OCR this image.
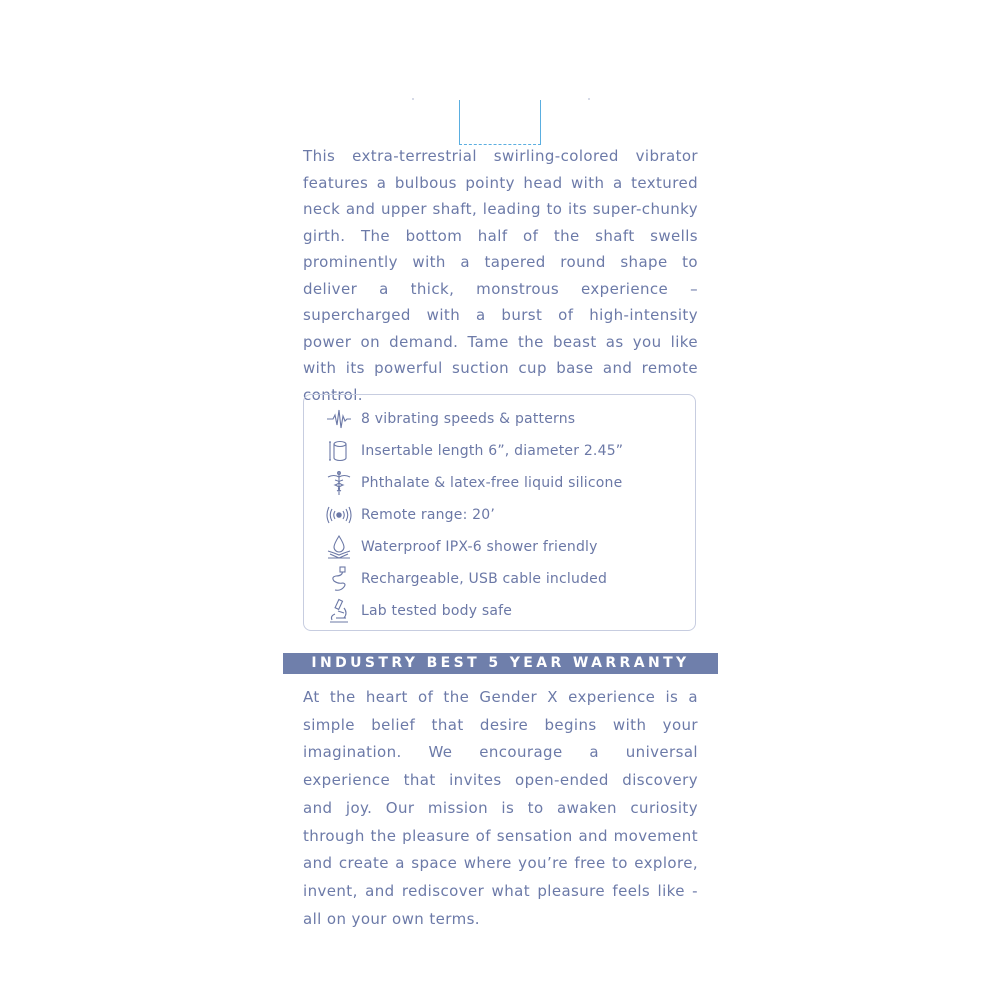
This extra-terrestrial swirling-colored vibrator features a bulbous pointy head with a textured neck and upper shaft, leading to its super-chunky girth. The bottom half of the shaft swells prominently with a tapered round shape to deliver a thick, monstrous experience – supercharged with a burst of high-intensity power on demand. Tame the beast as you like with its powerful suction cup base and remote control.

8 vibrating speeds & patterns
Insertable length 6”, diameter 2.45”
Phthalate & latex-free liquid silicone
Remote range: 20’
Waterproof IPX-6 shower friendly
Rechargeable, USB cable included
Lab tested body safe
INDUSTRY BEST 5 YEAR WARRANTY

At the heart of the Gender X experience is a simple belief that desire begins with your imagination. We encourage a universal experience that invites open-ended discovery and joy. Our mission is to awaken curiosity through the pleasure of sensation and movement and create a space where you’re free to explore, invent, and rediscover what pleasure feels like - all on your own terms.
